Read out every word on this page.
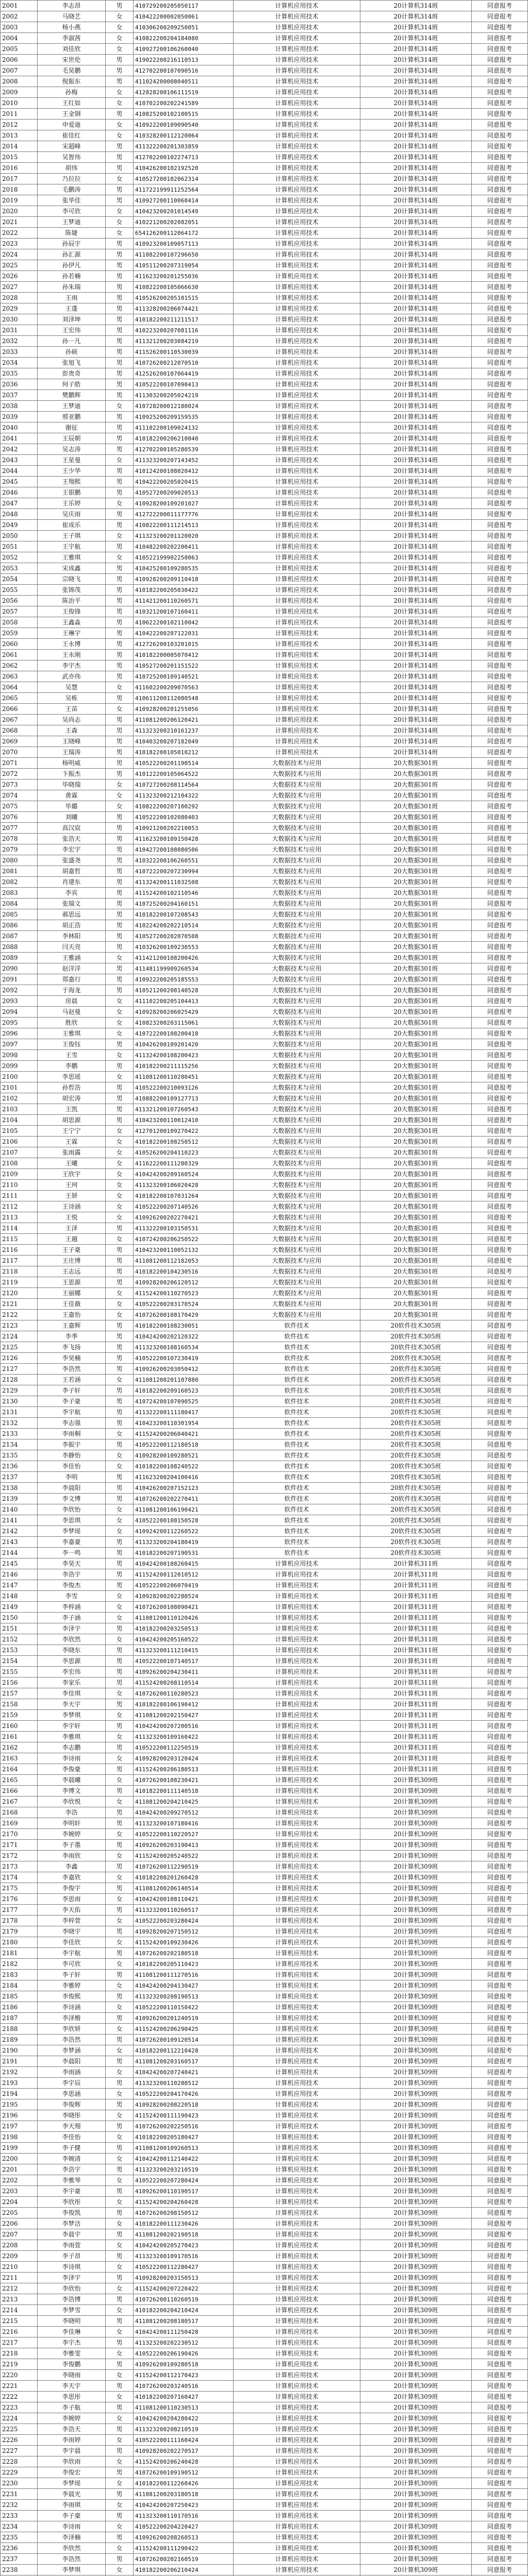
2001	李志昂	男	410729200205050117	计算机应用技术	20计算机314班	同意报考
2002	马晓艺	女	410422200002050061	计算机应用技术	20计算机314班	同意报考
2003	杨小燕	女	410306200209250051	计算机应用技术	20计算机314班	同意报考
2004	李淑茜	女	410822200204184080	计算机应用技术	20计算机314班	同意报考
2005	刘佳欣	女	410927200106260040	计算机应用技术	20计算机314班	同意报考
2006	宋世伦	男	419022200216110513	计算机应用技术	20计算机314班	同意报考
2007	毛昊鹏	男	412702200107090516	计算机应用技术	20计算机314班	同意报考
2008	倪振东	男	411024200008040511	计算机应用技术	20计算机314班	同意报考
2009	孙梅	女	412828200106111519	计算机应用技术	20计算机314班	同意报考
2010	王红如	女	410702200202241589	计算机应用技术	20计算机314班	同意报考
2011	王金钢	男	410825200102100515	计算机应用技术	20计算机314班	同意报考
2012	申爱迪	女	410922200109090540	计算机应用技术	20计算机314班	同意报考
2013	崔佳红	女	410328200112120064	计算机应用技术	20计算机314班	同意报考
2014	宋超峰	男	411322200201303859	计算机应用技术	20计算机314班	同意报考
2015	吴智伟	男	412702200102274713	计算机应用技术	20计算机314班	同意报考
2016	胡伟	男	410426200102192520	计算机应用技术	20计算机314班	同意报考
2017	乃拉拉	女	410527200102062314	计算机应用技术	20计算机314班	同意报考
2018	毛鹏涛	男	411722199911252564	计算机应用技术	20计算机314班	同意报考
2019	张华佳	男	410927200110060414	计算机应用技术	20计算机314班	同意报考
2020	李可欣	女	410423200201014549	计算机应用技术	20计算机314班	同意报考
2021	王梦迪	女	410221200202082051	计算机应用技术	20计算机314班	同意报考
2022	陈婕	女	654126200112064172	计算机应用技术	20计算机314班	同意报考
2023	孙辰宇	男	410923200109057113	计算机应用技术	20计算机314班	同意报考
2024	孙汇源	男	411082200107296650	计算机应用技术	20计算机314班	同意报考
2025	孙伊凡	男	410511200207319054	计算机应用技术	20计算机314班	同意报考
2026	孙若楠	男	411623200201255036	计算机应用技术	20计算机314班	同意报考
2027	孙朱瑞	男	410822200105066630	计算机应用技术	20计算机314班	同意报考
2028	王雨	男	410526200205101515	计算机应用技术	20计算机314班	同意报考
2029	王蓬	男	411328200206074421	计算机应用技术	20计算机314班	同意报考
2030	刘泽坤	男	410182200211211517	计算机应用技术	20计算机314班	同意报考
2031	王宏伟	男	410223200207081116	计算机应用技术	20计算机314班	同意报考
2032	孙一凡	男	411321200203084219	计算机应用技术	20计算机314班	同意报考
2033	孙硕	男	411526200110530039	计算机应用技术	20计算机314班	同意报考
2034	张旭飞	男	410726200212070510	计算机应用技术	20计算机314班	同意报考
2035	彭贵奇	男	412526200107064419	计算机应用技术	20计算机314班	同意报考
2036	何子皓	男	410522200107090413	计算机应用技术	20计算机314班	同意报考
2037	樊鹏辉	男	411303200205024219	计算机应用技术	20计算机314班	同意报考
2038	王梦迪	女	410728200012180024	计算机应用技术	20计算机314班	同意报考
2039	邢亚鹏	男	410925200209159535	计算机应用技术	20计算机314班	同意报考
2040	谢征	男	411102200109024132	计算机应用技术	20计算机314班	同意报考
2041	王辰朝	男	410182200206210040	计算机应用技术	20计算机314班	同意报考
2042	吴志涛	男	412702200105280539	计算机应用技术	20计算机314班	同意报考
2043	王星曼	女	411323200207143452	计算机应用技术	20计算机314班	同意报考
2044	王少华	男	410124200108020412	计算机应用技术	20计算机314班	同意报考
2045	王翔熙	男	410422200205020415	计算机应用技术	20计算机314班	同意报考
2046	王银鹏	男	410527200209020513	计算机应用技术	20计算机314班	同意报考
2047	王乐婷	女	410928200109201027	计算机应用技术	20计算机314班	同意报考
2048	吴庆雨	男	412722200011177776	计算机应用技术	20计算机314班	同意报考
2049	崔成乐	男	410822200111214513	计算机应用技术	20计算机314班	同意报考
2050	王子琪	女	411323200201120020	计算机应用技术	20计算机314班	同意报考
2051	王宇航	男	410482200202200411	计算机应用技术	20计算机314班	同意报考
2052	王雅琪	女	410522199902250063	计算机应用技术	20计算机314班	同意报考
2053	宋成鑫	男	410425200109280535	计算机应用技术	20计算机314班	同意报考
2054	宗晓飞	男	410928200209110418	计算机应用技术	20计算机314班	同意报考
2055	张锦茂	男	410182200205030422	计算机应用技术	20计算机314班	同意报考
2056	陈治平	男	411421200110260571	计算机应用技术	20计算机314班	同意报考
2057	王俊锋	男	410321200107160411	计算机应用技术	20计算机314班	同意报考
2058	王鑫淼	男	410622200102110042	计算机应用技术	20计算机314班	同意报考
2059	王琳宇	男	410422200207122031	计算机应用技术	20计算机314班	同意报考
2060	王永博	男	412726200103201015	计算机应用技术	20计算机314班	同意报考
2061	王永刚	男	410182200005070412	计算机应用技术	20计算机314班	同意报考
2062	李宇杰	男	410527200201151522	计算机应用技术	20计算机314班	同意报考
2063	武亦伟	男	410725200109140521	计算机应用技术	20计算机314班	同意报考
2064	吴慧	女	411602200209070563	计算机应用技术	20计算机314班	同意报考
2065	吴栋	男	410611200112080548	计算机应用技术	20计算机314班	同意报考
2066	王苗	女	410928200201255056	计算机应用技术	20计算机314班	同意报考
2067	吴尚志	男	411081200206120421	计算机应用技术	20计算机314班	同意报考
2068	王森	男	411323200210161237	计算机应用技术	20计算机314班	同意报考
2069	王晓峰	男	410403200207182049	计算机应用技术	20计算机314班	同意报考
2070	王瑞涛	男	410182200105010212	计算机应用技术	20计算机314班	同意报考
2071	杨明威	男	410522200201190514	大数据技术与应用	20大数据301班	同意报考
2072	卞振杰	男	410122200105064522	大数据技术与应用	20大数据301班	同意报考
2073	毕晓瑞	女	410727200208114564	大数据技术与应用	20大数据301班	同意报考
2074	黄霖	女	411323200212104322	大数据技术与应用	20大数据301班	同意报考
2075	毕璐	女	410822200207100292	大数据技术与应用	20大数据301班	同意报考
2076	刘曦	男	410522200102080403	大数据技术与应用	20大数据301班	同意报考
2077	高汉宸	男	410921200202210053	大数据技术与应用	20大数据301班	同意报考
2078	张浩天	男	411623200109150428	大数据技术与应用	20大数据301班	同意报考
2079	李宏宇	男	410427200108080506	大数据技术与应用	20大数据301班	同意报考
2080	张盛尧	男	410322200106260551	大数据技术与应用	20大数据301班	同意报考
2081	胡嘉哲	男	410722200207230994	大数据技术与应用	20大数据301班	同意报考
2082	肖建东	男	411324200111032508	大数据技术与应用	20大数据301班	同意报考
2083	李宾	男	411524200102110546	大数据技术与应用	20大数据301班	同意报考
2084	张瑞文	男	410725200204160151	大数据技术与应用	20大数据301班	同意报考
2085	郝思远	男	410182200107208543	大数据技术与应用	20大数据301班	同意报考
2086	胡正浩	男	410224200202210514	大数据技术与应用	20大数据301班	同意报考
2087	李林阳	男	410527200202070508	大数据技术与应用	20大数据301班	同意报考
2088	闫天亮	男	410326200109230553	大数据技术与应用	20大数据301班	同意报考
2089	王雅涵	女	411421200108200426	大数据技术与应用	20大数据301班	同意报考
2090	赵洋洋	男	411481199909260534	大数据技术与应用	20大数据301班	同意报考
2091	郑嘉行	男	410922200205185553	大数据技术与应用	20大数据301班	同意报考
2092	于海龙	男	410521200208140528	大数据技术与应用	20大数据301班	同意报考
2093	房晨	女	411102200205104413	大数据技术与应用	20大数据301班	同意报考
2094	马赵曼	女	410928200206025429	大数据技术与应用	20大数据301班	同意报考
2095	胜欣	女	410823200203115061	大数据技术与应用	20大数据301班	同意报考
2096	王雅琪	女	410722200108200418	大数据技术与应用	20大数据301班	同意报考
2097	王俊钰	男	410426200109201420	大数据技术与应用	20大数据301班	同意报考
2098	王雪	女	411324200108200423	大数据技术与应用	20大数据301班	同意报考
2099	李鹏	男	410182200211115256	大数据技术与应用	20大数据301班	同意报考
2100	李思瑶	女	411081200110280451	大数据技术与应用	20大数据301班	同意报考
2101	孙哲浩	男	410522200210093126	大数据技术与应用	20大数据301班	同意报考
2102	胡宏涛	男	410882200109127713	大数据技术与应用	20大数据301班	同意报考
2103	王凯	男	411321200107260543	大数据技术与应用	20大数据301班	同意报考
2104	胡思源	男	410423200110012410	大数据技术与应用	20大数据301班	同意报考
2105	王宁宁	女	412701200109270422	大数据技术与应用	20大数据301班	同意报考
2106	王霖	女	410182200108250512	大数据技术与应用	20大数据301班	同意报考
2107	张雨露	女	410526200204110223	大数据技术与应用	20大数据301班	同意报考
2108	王曦	女	411622200111280329	大数据技术与应用	20大数据301班	同意报考
2109	王欣宇	女	410424200209160524	大数据技术与应用	20大数据301班	同意报考
2110	王珂	女	411323200106020428	大数据技术与应用	20大数据301班	同意报考
2111	王妍	女	410182200107031264	大数据技术与应用	20大数据301班	同意报考
2112	王诗涵	女	410522200207140526	大数据技术与应用	20大数据301班	同意报考
2113	王悦	女	410926200202270421	大数据技术与应用	20大数据301班	同意报考
2114	王泽	男	411322200103150531	大数据技术与应用	20大数据301班	同意报考
2115	王越	女	410724200206250522	大数据技术与应用	20大数据301班	同意报考
2116	王子豪	男	410423200110052132	大数据技术与应用	20大数据301班	同意报考
2117	王庄博	男	411081200112182053	大数据技术与应用	20大数据301班	同意报考
2118	王志远	男	410182200104230516	大数据技术与应用	20大数据301班	同意报考
2119	王思源	男	410928200206120512	大数据技术与应用	20大数据301班	同意报考
2120	王丽娜	女	411524200110270523	大数据技术与应用	20大数据301班	同意报考
2121	王佳薇	女	410522200203170524	大数据技术与应用	20大数据301班	同意报考
2122	王嘉怡	女	410726200108170429	大数据技术与应用	20大数据301班	同意报考
2123	王嘉辉	男	410182200108230051	软件技术	20软件技术305班	同意报考
2124	李季	男	410424200202120322	软件技术	20软件技术305班	同意报考
2125	李飞扬	男	411323200108160534	软件技术	20软件技术305班	同意报考
2126	李昊楠	男	410522200107230419	软件技术	20软件技术305班	同意报考
2127	李浩然	男	410926200203050412	软件技术	20软件技术305班	同意报考
2128	王若涵	女	411081200201107880	软件技术	20软件技术305班	同意报考
2129	李子轩	男	410182200209160523	软件技术	20软件技术305班	同意报考
2130	李子豪	男	410724200107090525	软件技术	20软件技术305班	同意报考
2131	李宇航	男	411322200111180417	软件技术	20软件技术305班	同意报考
2132	李志强	男	410423200110301954	软件技术	20软件技术305班	同意报考
2133	李雨桐	女	411524200206040421	软件技术	20软件技术305班	同意报考
2134	李振宇	男	410522200112180518	软件技术	20软件技术305班	同意报考
2135	李静怡	女	410928200109280521	软件技术	20软件技术305班	同意报考
2136	李佳怡	女	410182200108240522	软件技术	20软件技术305班	同意报考
2137	李明	男	411623200204100416	软件技术	20软件技术305班	同意报考
2138	李晨阳	男	410426200207152123	软件技术	20软件技术305班	同意报考
2139	李文博	男	410726200202270411	软件技术	20软件技术305班	同意报考
2140	李欣怡	女	411081200106190421	软件技术	20软件技术305班	同意报考
2141	李思琪	女	410522200108150528	软件技术	20软件技术305班	同意报考
2142	李梦瑶	女	410924200112260522	软件技术	20软件技术305班	同意报考
2143	李嘉豪	男	411323200204180419	软件技术	20软件技术305班	同意报考
2144	李一鸣	男	410182200207190531	软件技术	20软件技术305班	同意报考
2145	李昊天	男	410424200108260415	计算机应用技术	20计算机311班	同意报考
2146	李浩宇	男	411524200112010512	计算机应用技术	20计算机311班	同意报考
2147	李俊杰	男	410522200206070419	计算机应用技术	20计算机311班	同意报考
2148	李雪	女	410928200202280524	计算机应用技术	20计算机311班	同意报考
2149	李梓涵	女	410726200108090421	计算机应用技术	20计算机311班	同意报考
2150	李子涵	女	411081200110120426	计算机应用技术	20计算机311班	同意报考
2151	李泽宇	男	410182200203250513	计算机应用技术	20计算机311班	同意报考
2152	李欣然	女	410424200205160522	计算机应用技术	20计算机311班	同意报考
2153	李晓东	男	411323200111210415	计算机应用技术	20计算机311班	同意报考
2154	李思源	男	410522200107140517	计算机应用技术	20计算机311班	同意报考
2155	李宏伟	男	410926200204230411	计算机应用技术	20计算机311班	同意报考
2156	李家乐	男	411524200208110514	计算机应用技术	20计算机311班	同意报考
2157	李佳琪	女	410726200110280523	计算机应用技术	20计算机311班	同意报考
2158	李天宇	男	410182200106190412	计算机应用技术	20计算机311班	同意报考
2159	李梦琪	女	411081200202150427	计算机应用技术	20计算机311班	同意报考
2160	李宇轩	男	410424200207200516	计算机应用技术	20计算机311班	同意报考
2161	李雅琪	女	411323200109160422	计算机应用技术	20计算机311班	同意报考
2162	李志鹏	男	410522200112250519	计算机应用技术	20计算机311班	同意报考
2163	李诗雨	女	410928200203120424	计算机应用技术	20计算机311班	同意报考
2164	李俊豪	男	411524200206180513	计算机应用技术	20计算机311班	同意报考
2165	李晨曦	女	410726200108230421	计算机应用技术	20计算机309班	同意报考
2166	李博文	男	410182200111140518	计算机应用技术	20计算机309班	同意报考
2167	李欣悦	女	411081200204210425	计算机应用技术	20计算机309班	同意报考
2168	李浩	男	410424200209270512	计算机应用技术	20计算机309班	同意报考
2169	李明轩	男	411323200107180416	计算机应用技术	20计算机309班	同意报考
2170	李婉婷	女	410522200110220527	计算机应用技术	20计算机309班	同意报考
2171	李子墨	男	410926200203190413	计算机应用技术	20计算机309班	同意报考
2172	李雨欣	女	411524200205240522	计算机应用技术	20计算机309班	同意报考
2173	李鑫	男	410726200112290519	计算机应用技术	20计算机309班	同意报考
2174	李嘉欣	女	410182200201260428	计算机应用技术	20计算机309班	同意报考
2175	李俊宇	男	411081200206140514	计算机应用技术	20计算机309班	同意报考
2176	李思雨	女	410424200108110421	计算机应用技术	20计算机309班	同意报考
2177	李天佑	男	411323200110260517	计算机应用技术	20计算机309班	同意报考
2178	李梓萱	女	410522200203280424	计算机应用技术	20计算机309班	同意报考
2179	李晓宇	男	410928200207150512	计算机应用技术	20计算机309班	同意报考
2180	李佳欣	女	411524200109230426	计算机应用技术	20计算机309班	同意报考
2181	李宇航	男	410726200202180518	计算机应用技术	20计算机309班	同意报考
2182	李可欣	女	410182200205110423	计算机应用技术	20计算机309班	同意报考
2183	李子轩	男	411081200111270516	计算机应用技术	20计算机309班	同意报考
2184	李雅婷	女	410424200204130427	计算机应用技术	20计算机309班	同意报考
2185	李俊熙	男	411323200208190513	计算机应用技术	20计算机309班	同意报考
2186	李诗涵	女	410522200110150422	计算机应用技术	20计算机309班	同意报考
2187	李泽楷	男	410926200201240519	计算机应用技术	20计算机309班	同意报考
2188	李欣妍	女	411524200206290425	计算机应用技术	20计算机309班	同意报考
2189	李浩然	男	410726200109120514	计算机应用技术	20计算机309班	同意报考
2190	李梦涵	女	410182200112210428	计算机应用技术	20计算机309班	同意报考
2191	李晨阳	男	411081200203160517	计算机应用技术	20计算机309班	同意报考
2192	李雨涵	女	410424200207240421	计算机应用技术	20计算机309班	同意报考
2193	李宇辰	男	411323200110280512	计算机应用技术	20计算机309班	同意报考
2194	李思涵	女	410522200204170426	计算机应用技术	20计算机309班	同意报考
2195	李俊辉	男	410928200208220518	计算机应用技术	20计算机309班	同意报考
2196	李晓彤	女	411524200111190423	计算机应用技术	20计算机309班	同意报考
2197	李天翔	男	410726200202250516	计算机应用技术	20计算机309班	同意报考
2198	李佳怡	女	410182200205180427	计算机应用技术	20计算机309班	同意报考
2199	李子健	男	411081200109260513	计算机应用技术	20计算机309班	同意报考
2200	李婉清	女	410424200112140422	计算机应用技术	20计算机309班	同意报考
2201	李浩宇	男	411323200203210519	计算机应用技术	20计算机309班	同意报考
2202	李雅琴	女	410522200207280424	计算机应用技术	20计算机309班	同意报考
2203	李宇豪	男	410926200110190517	计算机应用技术	20计算机309班	同意报考
2204	李欣彤	女	411524200204260428	计算机应用技术	20计算机309班	同意报考
2205	李俊凯	男	410726200208150512	计算机应用技术	20计算机309班	同意报考
2206	李梦洁	女	410182200111230426	计算机应用技术	20计算机309班	同意报考
2207	李晨宇	男	411081200202190518	计算机应用技术	20计算机309班	同意报考
2208	李雨萱	女	410424200205270423	计算机应用技术	20计算机309班	同意报考
2209	李子昂	男	411323200109170516	计算机应用技术	20计算机309班	同意报考
2210	李诗琪	女	410522200112280427	计算机应用技术	20计算机309班	同意报考
2211	李泽宇	男	410928200203150513	计算机应用技术	20计算机309班	同意报考
2212	李欣怡	女	411524200207220422	计算机应用技术	20计算机309班	同意报考
2213	李浩博	男	410726200110260519	计算机应用技术	20计算机309班	同意报考
2214	李梦雪	女	410182200204210424	计算机应用技术	20计算机309班	同意报考
2215	李晓明	男	411081200208180517	计算机应用技术	20计算机309班	同意报考
2216	李佳琳	女	410424200111250428	计算机应用技术	20计算机309班	同意报考
2217	李宇杰	男	411323200202230512	计算机应用技术	20计算机309班	同意报考
2218	李雅雯	女	410522200206190426	计算机应用技术	20计算机309班	同意报考
2219	李俊鹏	男	410926200109280518	计算机应用技术	20计算机309班	同意报考
2220	李晓雨	女	411524200112170423	计算机应用技术	20计算机309班	同意报考
2221	李天宇	男	410726200203240516	计算机应用技术	20计算机309班	同意报考
2222	李思彤	女	410182200207160427	计算机应用技术	20计算机309班	同意报考
2223	李子航	男	411081200110230513	计算机应用技术	20计算机309班	同意报考
2224	李婉婷	女	410424200204280422	计算机应用技术	20计算机309班	同意报考
2225	李浩天	男	411323200208210519	计算机应用技术	20计算机309班	同意报考
2226	李雨婷	女	410522200111160424	计算机应用技术	20计算机309班	同意报考
2227	李宇晨	男	410928200202270517	计算机应用技术	20计算机309班	同意报考
2228	李欣雨	女	411524200206240428	计算机应用技术	20计算机309班	同意报考
2229	李俊宏	男	410726200109190512	计算机应用技术	20计算机309班	同意报考
2230	李梦瑶	女	410182200112260426	计算机应用技术	20计算机309班	同意报考
2231	李晨光	男	411081200203180518	计算机应用技术	20计算机309班	同意报考
2232	李雨琪	女	410424200207250423	计算机应用技术	20计算机309班	同意报考
2233	李子豪	男	411323200110170516	计算机应用技术	20计算机309班	同意报考
2234	李诗雨	女	410522200204220427	计算机应用技术	20计算机309班	同意报考
2235	李泽楠	男	410926200208260513	计算机应用技术	20计算机309班	同意报考
2236	李欣然	女	411524200111290422	计算机应用技术	20计算机309班	同意报考
2237	李浩然	男	410726200202160519	计算机应用技术	20计算机309班	同意报考
2238	李梦琪	女	410182200206210424	计算机应用技术	20计算机309班	同意报考
